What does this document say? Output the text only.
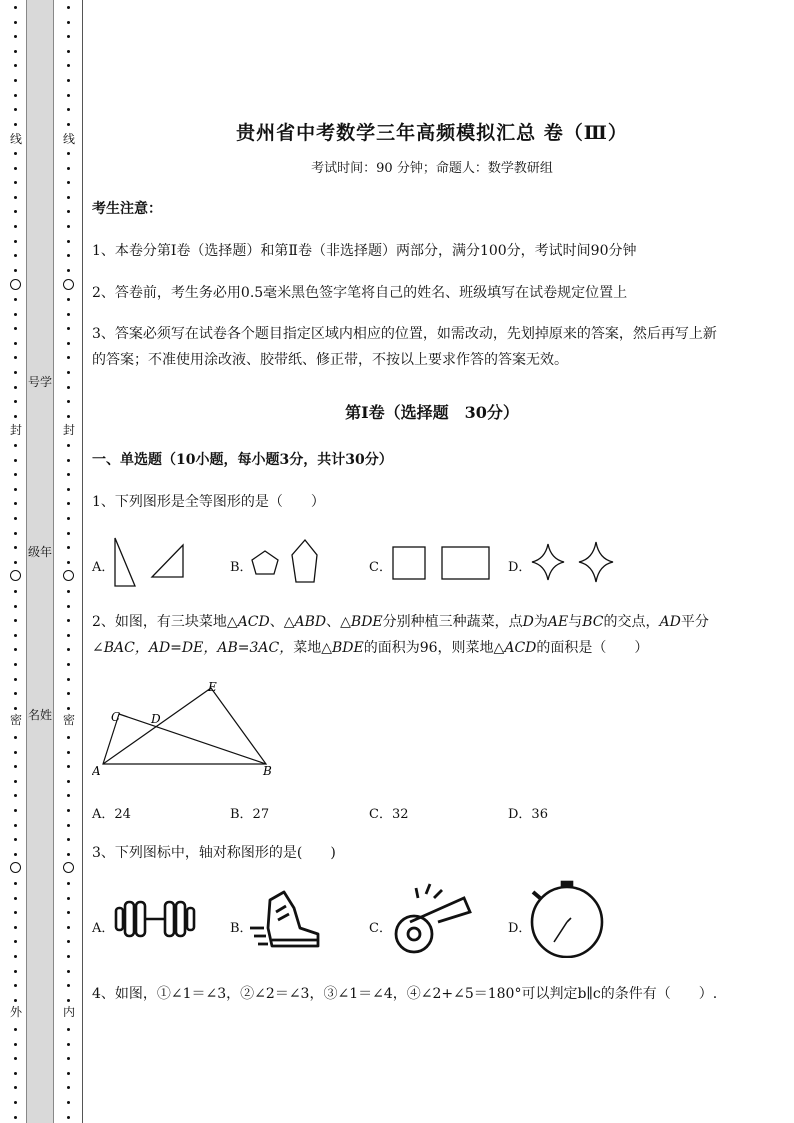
号学
级年
名姓
线
封
密
外
线
封
密
内
贵州省中考数学三年高频模拟汇总 卷（Ⅲ）
考试时间：90 分钟；命题人：数学教研组
考生注意：
1、本卷分第Ⅰ卷（选择题）和第Ⅱ卷（非选择题）两部分，满分100分，考试时间90分钟
2、答卷前，考生务必用0.5毫米黑色签字笔将自己的姓名、班级填写在试卷规定位置上
3、答案必须写在试卷各个题目指定区域内相应的位置，如需改动，先划掉原来的答案，然后再写上新
的答案；不准使用涂改液、胶带纸、修正带，不按以上要求作答的答案无效。
第Ⅰ卷（选择题　30分）
一、单选题（10小题，每小题3分，共计30分）
1、下列图形是全等图形的是（　　）
A．	B．	C．	D．
2、如图，有三块菜地△ACD、△ABD、△BDE分别种植三种蔬菜，点D为AE与BC的交点，AD平分
∠BAC，AD=DE，AB=3AC，菜地△BDE的面积为96，则菜地△ACD的面积是（　　）
E
C	D
A	B
A．24	B．27	C．32	D．36
3、下列图标中，轴对称图形的是(　　)
A．	B．	C．	D．
4、如图，①∠1＝∠3，②∠2＝∠3，③∠1＝∠4，④∠2+∠5＝180°可以判定b∥c的条件有（　　）.
